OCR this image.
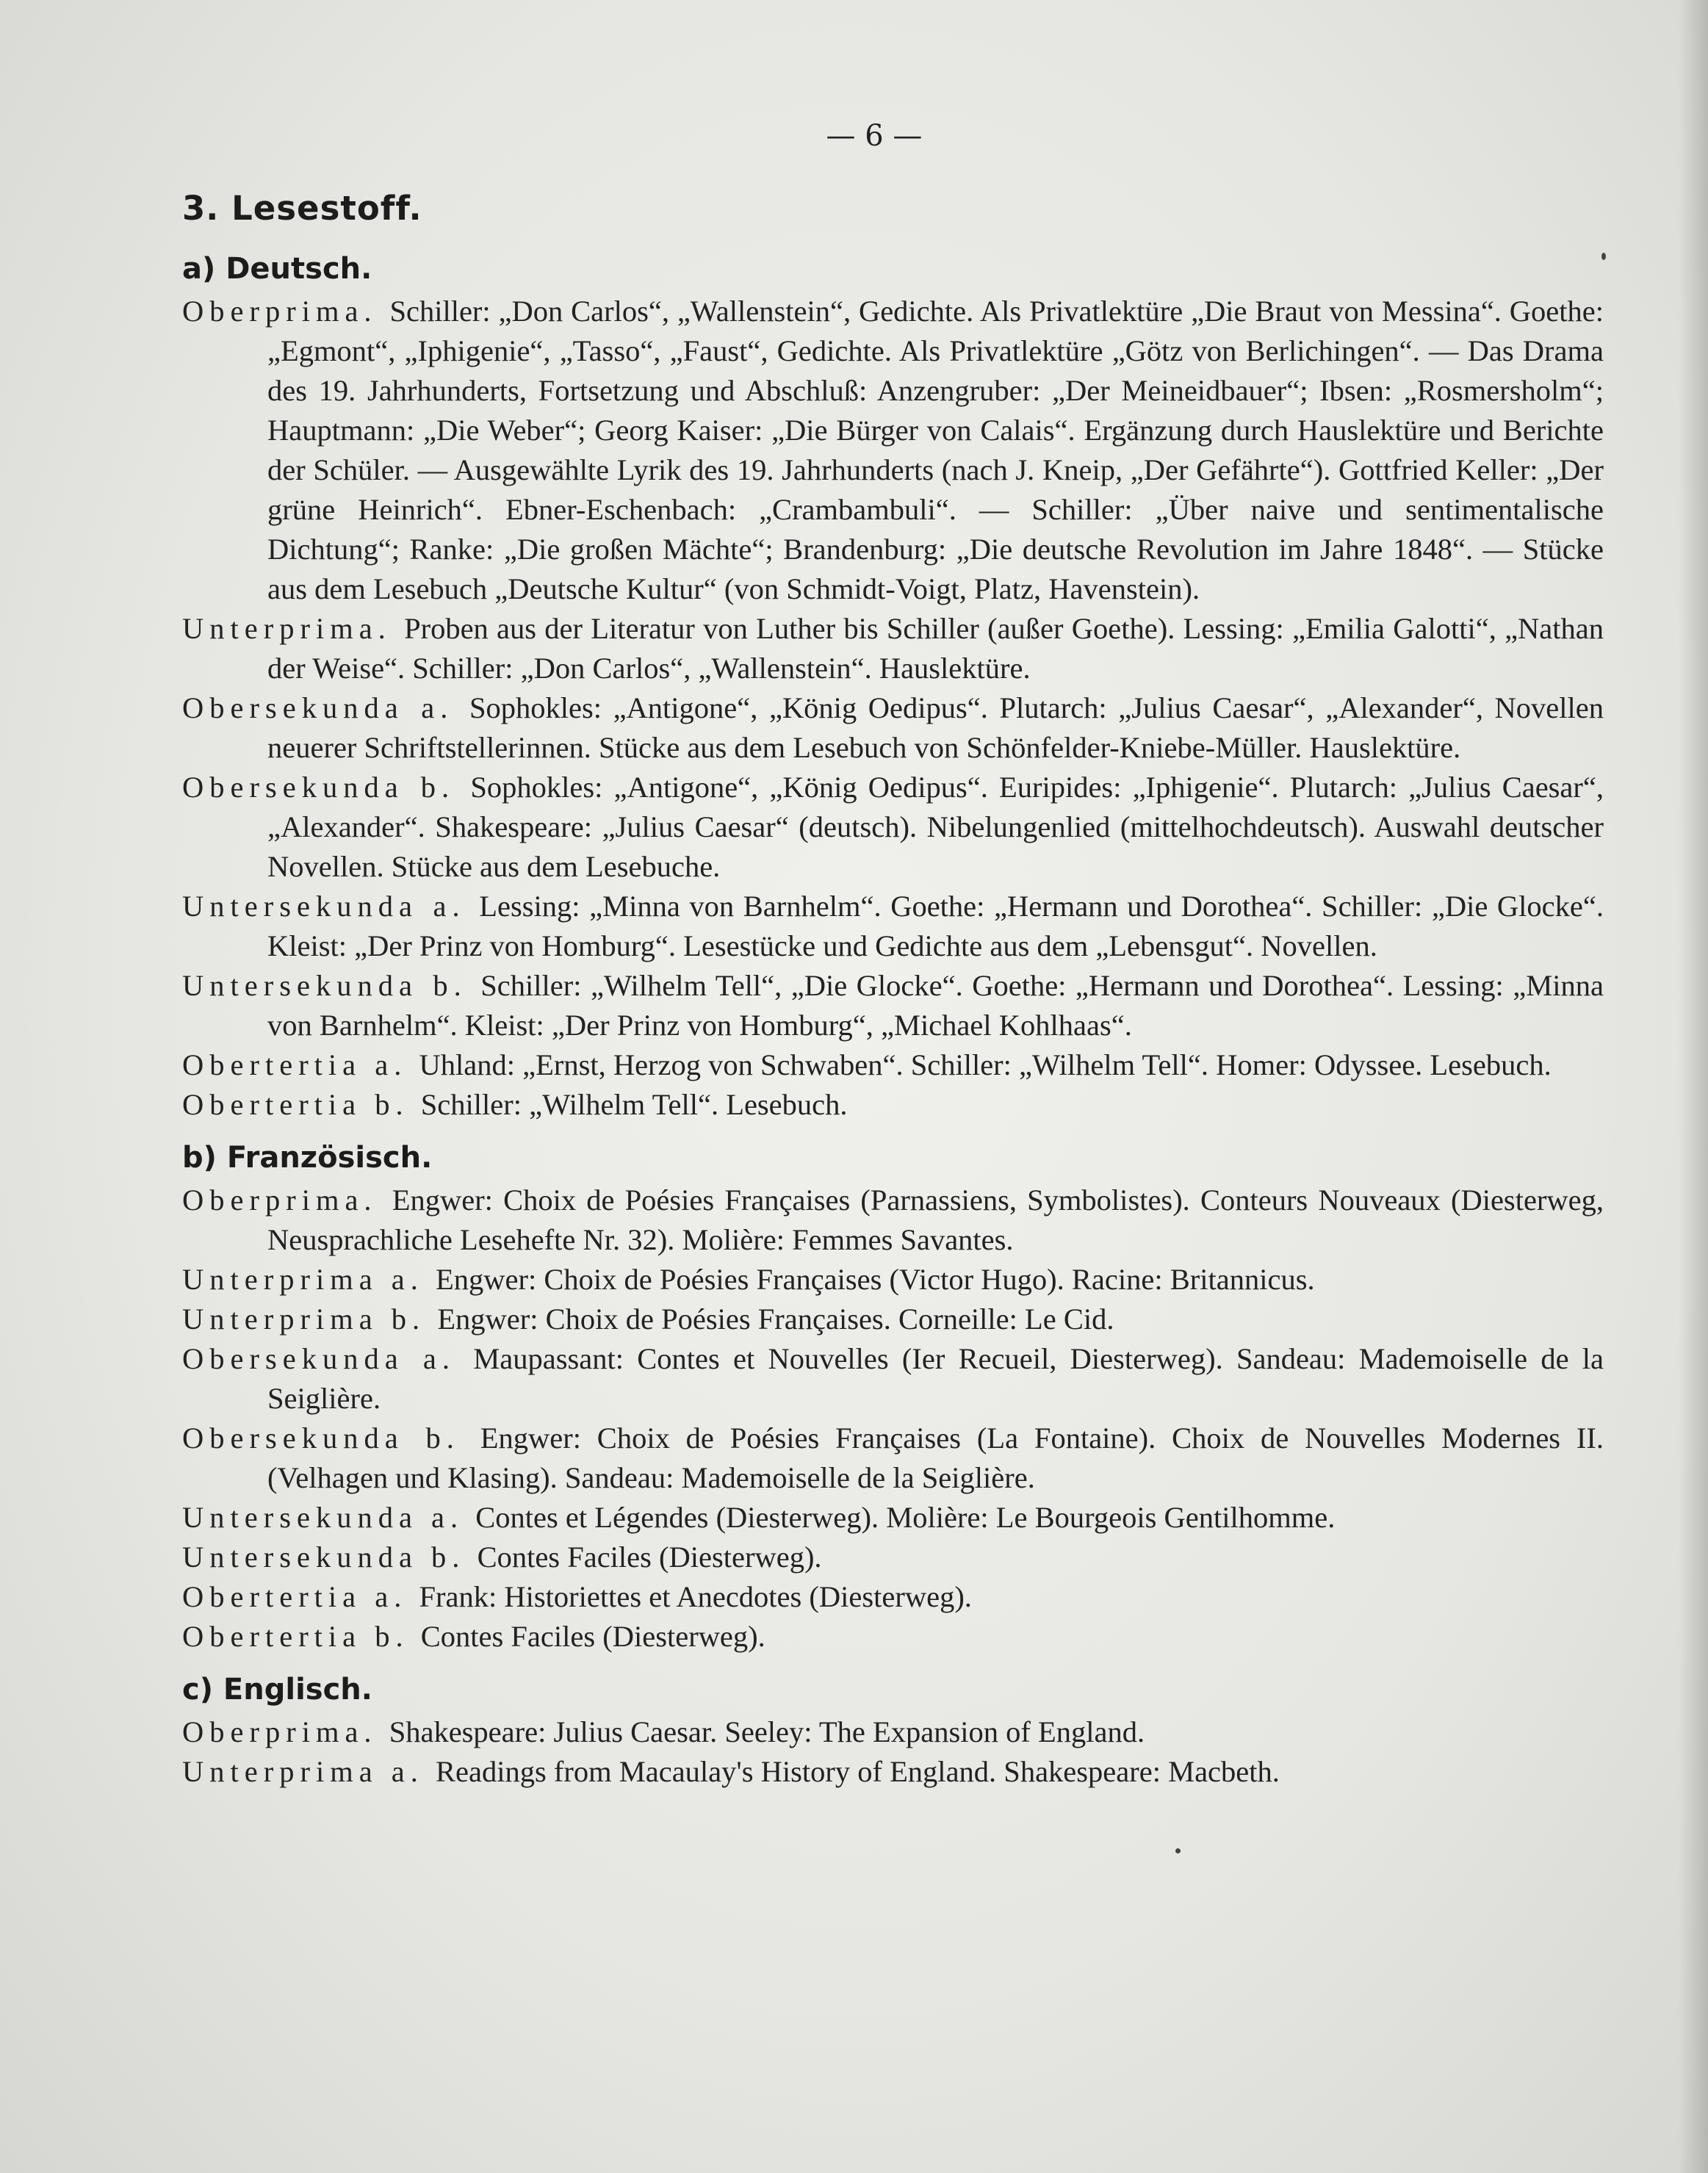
— 6 —
3. Lesestoff.
a) Deutsch.

Oberprima. Schiller: „Don Carlos“, „Wallenstein“, Gedichte. Als Privatlektüre „Die Braut von Messina“. Goethe: „Egmont“, „Iphigenie“, „Tasso“, „Faust“, Gedichte. Als Privatlektüre „Götz von Berlichingen“. — Das Drama des 19. Jahrhunderts, Fortsetzung und Abschluß: Anzengruber: „Der Meineidbauer“; Ibsen: „Rosmersholm“; Hauptmann: „Die Weber“; Georg Kaiser: „Die Bürger von Calais“. Ergänzung durch Hauslektüre und Berichte der Schüler. — Ausgewählte Lyrik des 19. Jahrhunderts (nach J. Kneip, „Der Gefährte“). Gottfried Keller: „Der grüne Heinrich“. Ebner-Eschenbach: „Crambambuli“. — Schiller: „Über naive und sentimentalische Dichtung“; Ranke: „Die großen Mächte“; Brandenburg: „Die deutsche Revolution im Jahre 1848“. — Stücke aus dem Lesebuch „Deutsche Kultur“ (von Schmidt-Voigt, Platz, Havenstein).

Unterprima. Proben aus der Literatur von Luther bis Schiller (außer Goethe). Lessing: „Emilia Galotti“, „Nathan der Weise“. Schiller: „Don Carlos“, „Wallenstein“. Hauslektüre.

Obersekunda a. Sophokles: „Antigone“, „König Oedipus“. Plutarch: „Julius Caesar“, „Alexander“, Novellen neuerer Schriftstellerinnen. Stücke aus dem Lesebuch von Schönfelder-Kniebe-Müller. Hauslektüre.

Obersekunda b. Sophokles: „Antigone“, „König Oedipus“. Euripides: „Iphigenie“. Plutarch: „Julius Caesar“, „Alexander“. Shakespeare: „Julius Caesar“ (deutsch). Nibelungenlied (mittelhochdeutsch). Auswahl deutscher Novellen. Stücke aus dem Lesebuche.

Untersekunda a. Lessing: „Minna von Barnhelm“. Goethe: „Hermann und Dorothea“. Schiller: „Die Glocke“. Kleist: „Der Prinz von Homburg“. Lesestücke und Gedichte aus dem „Lebensgut“. Novellen.

Untersekunda b. Schiller: „Wilhelm Tell“, „Die Glocke“. Goethe: „Hermann und Dorothea“. Lessing: „Minna von Barnhelm“. Kleist: „Der Prinz von Homburg“, „Michael Kohlhaas“.

Obertertia a. Uhland: „Ernst, Herzog von Schwaben“. Schiller: „Wilhelm Tell“. Homer: Odyssee. Lesebuch.

Obertertia b. Schiller: „Wilhelm Tell“. Lesebuch.

b) Französisch.

Oberprima. Engwer: Choix de Poésies Françaises (Parnassiens, Symbolistes). Conteurs Nouveaux (Diesterweg, Neusprachliche Lesehefte Nr. 32). Molière: Femmes Savantes.

Unterprima a. Engwer: Choix de Poésies Françaises (Victor Hugo). Racine: Britannicus.

Unterprima b. Engwer: Choix de Poésies Françaises. Corneille: Le Cid.

Obersekunda a. Maupassant: Contes et Nouvelles (Ier Recueil, Diesterweg). Sandeau: Mademoiselle de la Seiglière.

Obersekunda b. Engwer: Choix de Poésies Françaises (La Fontaine). Choix de Nouvelles Modernes II. (Velhagen und Klasing). Sandeau: Mademoiselle de la Seiglière.

Untersekunda a. Contes et Légendes (Diesterweg). Molière: Le Bourgeois Gentilhomme.

Untersekunda b. Contes Faciles (Diesterweg).

Obertertia a. Frank: Historiettes et Anecdotes (Diesterweg).

Obertertia b. Contes Faciles (Diesterweg).

c) Englisch.

Oberprima. Shakespeare: Julius Caesar. Seeley: The Expansion of England.

Unterprima a. Readings from Macaulay's History of England. Shakespeare: Macbeth.
